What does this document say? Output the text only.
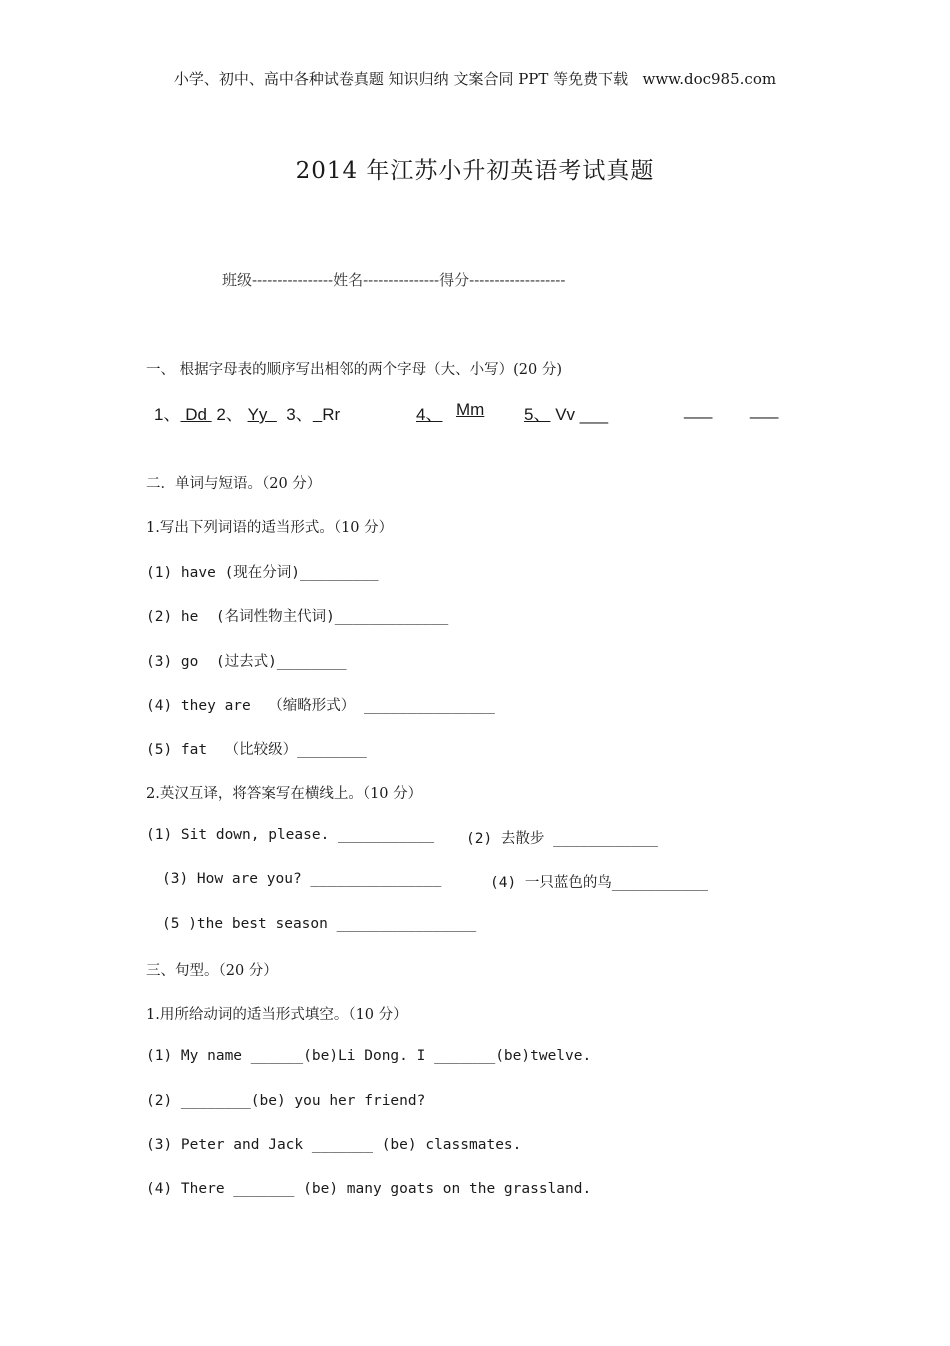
小学、初中、高中各种试卷真题 知识归纳 文案合同 PPT 等免费下载   www.doc985.com
2014 年江苏小升初英语考试真题
班级----------------姓名---------------得分-------------------
一、 根据字母表的顺序写出相邻的两个字母（大、小写）(20 分)
1、 Dd  2、 Yy    3、 Rr	4、 Mm 5、 Vv ___	___ ___
二．单词与短语。（20 分）
1.写出下列词语的适当形式。（10 分）
(1) have (现在分词)_________
(2) he  (名词性物主代词)_____________
(3) go  (过去式)________
(4) they are  （缩略形式） _______________
(5) fat  （比较级）________
2.英汉互译，将答案写在横线上。（10 分）
(1) Sit down, please. ___________ (2) 去散步 ____________
(3) How are you? _______________	(4) 一只蓝色的鸟___________
(5 )the best season ________________
三、句型。（20 分）
1.用所给动词的适当形式填空。（10 分）
(1) My name ______(be)Li Dong. I _______(be)twelve.
(2) ________(be) you her friend?
(3) Peter and Jack _______ (be) classmates.
(4) There _______ (be) many goats on the grassland.
